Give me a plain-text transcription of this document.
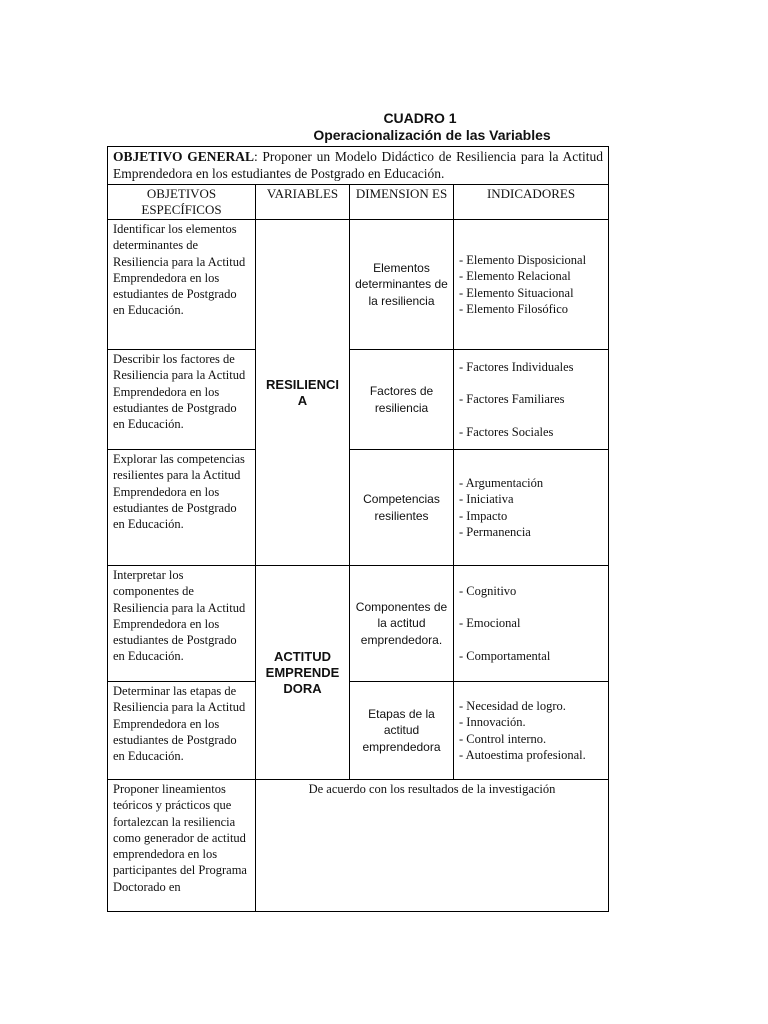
CUADRO 1
Operacionalización de las Variables
OBJETIVO GENERAL: Proponer un Modelo Didáctico de Resiliencia para la Actitud Emprendedora en los estudiantes de Postgrado en Educación.			
OBJETIVOS ESPECÍFICOS	VARIABLES	DIMENSION ES	INDICADORES
Identificar los elementos determinantes de Resiliencia para la Actitud Emprendedora en los estudiantes de Postgrado en Educación.	RESILIENCI A	Elementos determinantes de la resiliencia	- Elemento Disposicional
- Elemento Relacional
- Elemento Situacional
- Elemento Filosófico

Describir los factores de Resiliencia para la Actitud Emprendedora en los estudiantes de Postgrado en Educación.		Factores de resiliencia	- Factores Individuales
- Factores Familiares
- Factores Sociales

Explorar las competencias resilientes para la Actitud Emprendedora en los estudiantes de Postgrado en Educación.		Competencias resilientes	- Argumentación
- Iniciativa
- Impacto
- Permanencia

Interpretar los componentes de Resiliencia para la Actitud Emprendedora en los estudiantes de Postgrado en Educación.	ACTITUD EMPRENDE DORA	Componentes de la actitud emprendedora.	- Cognitivo
- Emocional
- Comportamental

Determinar las etapas de Resiliencia para la Actitud Emprendedora en los estudiantes de Postgrado en Educación.		Etapas de la actitud emprendedora	- Necesidad de logro.
- Innovación.
- Control interno.
- Autoestima profesional.

Proponer lineamientos teóricos y prácticos que fortalezcan la resiliencia como generador de actitud emprendedora en los participantes del Programa Doctorado en	De acuerdo con los resultados de la investigación		
